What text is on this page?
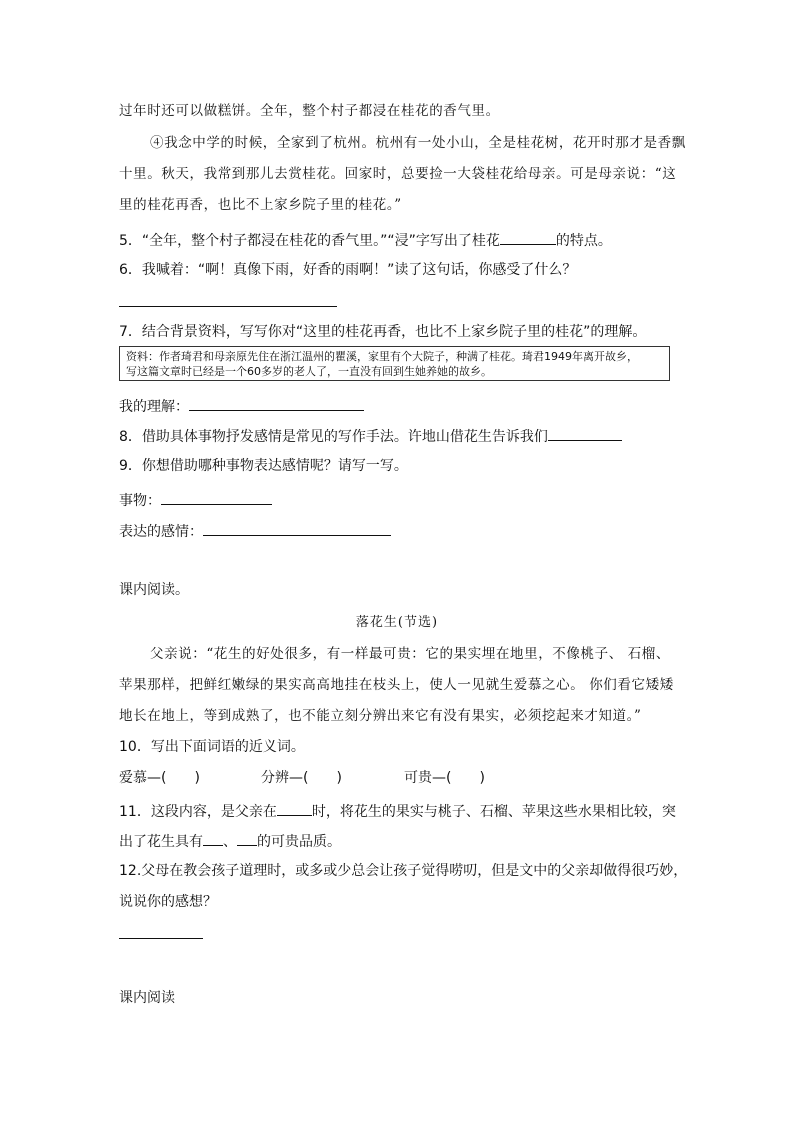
过年时还可以做糕饼。全年，整个村子都浸在桂花的香气里。
④我念中学的时候，全家到了杭州。杭州有一处小山，全是桂花树，花开时那才是香飘
十里。秋天，我常到那儿去赏桂花。回家时，总要捡一大袋桂花给母亲。可是母亲说：“这
里的桂花再香，也比不上家乡院子里的桂花。”
5．“全年，整个村子都浸在桂花的香气里。”“浸”字写出了桂花	的特点。
6．我喊着：“啊！真像下雨，好香的雨啊！”读了这句话，你感受了什么？
7．结合背景资料，写写你对“这里的桂花再香，也比不上家乡院子里的桂花”的理解。
资料：作者琦君和母亲原先住在浙江温州的瞿溪，家里有个大院子，种满了桂花。琦君1949年离开故乡，
写这篇文章时已经是一个60多岁的老人了，一直没有回到生她养她的故乡。
我的理解：
8．借助具体事物抒发感情是常见的写作手法。许地山借花生告诉我们
9．你想借助哪种事物表达感情呢？请写一写。
事物：
表达的感情：
课内阅读。
落花生(节选)
父亲说：“花生的好处很多，有一样最可贵：它的果实埋在地里，不像桃子、 石榴、
苹果那样，把鲜红嫩绿的果实高高地挂在枝头上，使人一见就生爱慕之心。 你们看它矮矮
地长在地上，等到成熟了，也不能立刻分辨出来它有没有果实，必须挖起来才知道。”
10．写出下面词语的近义词。
爱慕—( )	分辨—( )	可贵—( )
11．这段内容，是父亲在	时，将花生的果实与桃子、石榴、苹果这些水果相比较，突
出了花生具有 、 的可贵品质。
12.父母在教会孩子道理时，或多或少总会让孩子觉得唠叨，但是文中的父亲却做得很巧妙，
说说你的感想？
课内阅读
